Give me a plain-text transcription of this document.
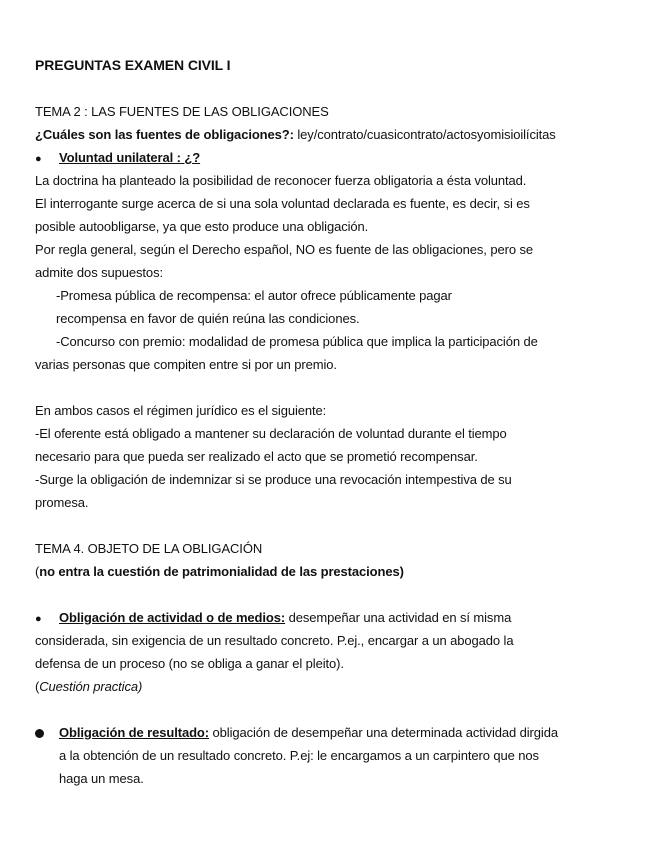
PREGUNTAS EXAMEN CIVIL I
TEMA 2 : LAS FUENTES DE LAS OBLIGACIONES
¿Cuáles son las fuentes de obligaciones?: ley/contrato/cuasicontrato/actosyomisioilícitas
● Voluntad unilateral : ¿?
La doctrina ha planteado la posibilidad de reconocer fuerza obligatoria a ésta voluntad.
El interrogante surge acerca de si una sola voluntad declarada es fuente, es decir, si es
posible autoobligarse, ya que esto produce una obligación.
Por regla general, según el Derecho español, NO es fuente de las obligaciones, pero se
admite dos supuestos:
-Promesa pública de recompensa: el autor ofrece públicamente pagar
recompensa en favor de quién reúna las condiciones.
-Concurso con premio: modalidad de promesa pública que implica la participación de
varias personas que compiten entre si por un premio.
En ambos casos el régimen jurídico es el siguiente:
-El oferente está obligado a mantener su declaración de voluntad durante el tiempo
necesario para que pueda ser realizado el acto que se prometió recompensar.
-Surge la obligación de indemnizar si se produce una revocación intempestiva de su
promesa.
TEMA 4. OBJETO DE LA OBLIGACIÓN
(no entra la cuestión de patrimonialidad de las prestaciones)
● Obligación de actividad o de medios: desempeñar una actividad en sí misma
considerada, sin exigencia de un resultado concreto. P.ej., encargar a un abogado la
defensa de un proceso (no se obliga a ganar el pleito).
(Cuestión practica)
Obligación de resultado: obligación de desempeñar una determinada actividad dirgida
a la obtención de un resultado concreto. P.ej: le encargamos a un carpintero que nos
haga un mesa.
